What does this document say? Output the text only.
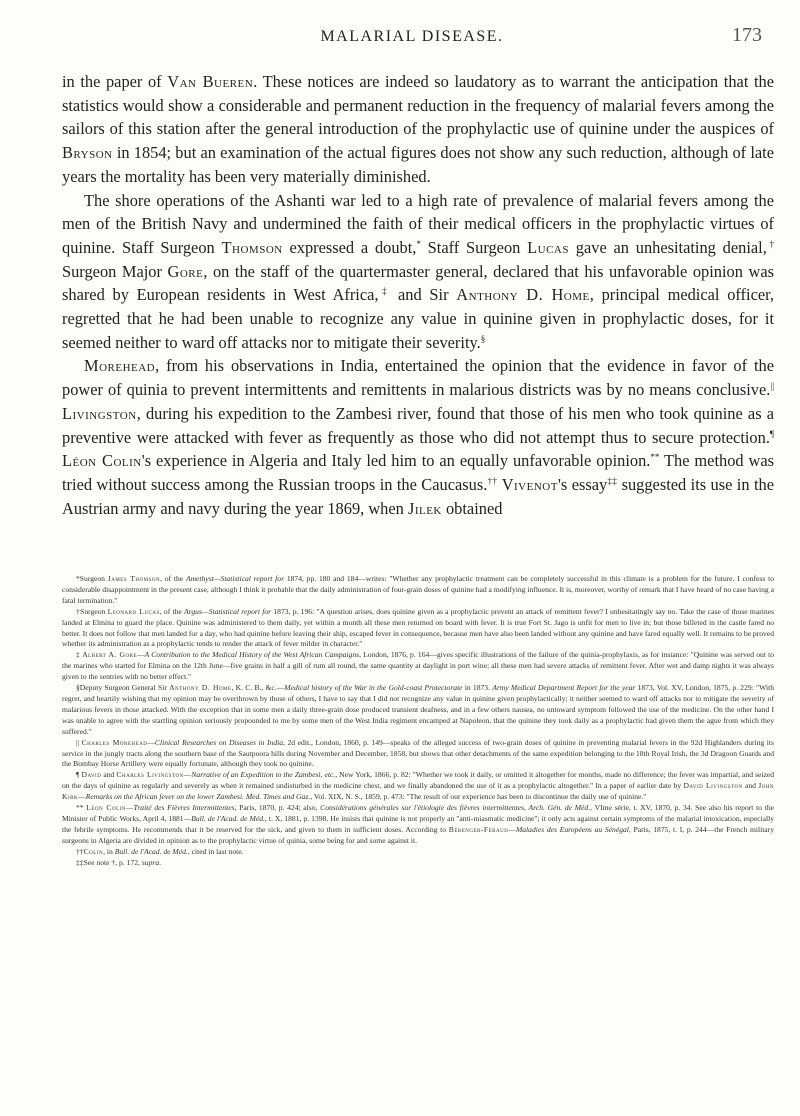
MALARIAL DISEASE.	173

in the paper of Van Bueren. These notices are indeed so laudatory as to warrant the anticipation that the statistics would show a considerable and permanent reduction in the frequency of malarial fevers among the sailors of this station after the general introduction of the prophylactic use of quinine under the auspices of Bryson in 1854; but an examination of the actual figures does not show any such reduction, although of late years the mortality has been very materially diminished.

The shore operations of the Ashanti war led to a high rate of prevalence of malarial fevers among the men of the British Navy and undermined the faith of their medical officers in the prophylactic virtues of quinine. Staff Surgeon Thomson expressed a doubt,* Staff Surgeon Lucas gave an unhesitating denial,† Surgeon Major Gore, on the staff of the quartermaster general, declared that his unfavorable opinion was shared by European residents in West Africa,‡ and Sir Anthony D. Home, principal medical officer, regretted that he had been unable to recognize any value in quinine given in prophylactic doses, for it seemed neither to ward off attacks nor to mitigate their severity.§

Morehead, from his observations in India, entertained the opinion that the evidence in favor of the power of quinia to prevent intermittents and remittents in malarious districts was by no means conclusive.|| Livingston, during his expedition to the Zambesi river, found that those of his men who took quinine as a preventive were attacked with fever as frequently as those who did not attempt thus to secure protection.¶ Léon Colin's experience in Algeria and Italy led him to an equally unfavorable opinion.** The method was tried without success among the Russian troops in the Caucasus.†† Vivenot's essay‡‡ suggested its use in the Austrian army and navy during the year 1869, when Jilek obtained

*Surgeon James Thomson, of the Amethyst—Statistical report for 1874, pp. 180 and 184—writes: "Whether any prophylactic treatment can be completely successful in this climate is a problem for the future. I confess to considerable disappointment in the present case, although I think it probable that the daily administration of four-grain doses of quinine had a modifying influence. It is, moreover, worthy of remark that I have heard of no case having a fatal termination."

†Surgeon Leonard Lucas, of the Argus—Statistical report for 1873, p. 196: "A question arises, does quinine given as a prophylactic prevent an attack of remittent fever? I unhesitatingly say no. Take the case of those marines landed at Elmina to guard the place. Quinine was administered to them daily, yet within a month all these men returned on board with fever. It is true Fort St. Jago is unfit for men to live in; but those billeted in the castle fared no better. It does not follow that men landed for a day, who had quinine before leaving their ship, escaped fever in consequence, because men have also been landed without any quinine and have fared equally well. It remains to be proved whether its administration as a prophylactic tends to render the attack of fever milder in character."

‡ Albert A. Gore—A Contribution to the Medical History of the West African Campaigns, London, 1876, p. 164—gives specific illustrations of the failure of the quinia-prophylaxis, as for instance: "Quinine was served out to the marines who started for Elmina on the 12th June—five grains in half a gill of rum all round, the same quantity at daylight in port wine; all these men had severe attacks of remittent fever. After wet and damp nights it was always given to the sentries with no better effect."

§Deputy Surgeon General Sir Anthony D. Home, K. C. B., &c.—Medical history of the War in the Gold-coast Protectorate in 1873. Army Medical Department Report for the year 1873, Vol. XV, London, 1875, p. 229: "With regret, and heartily wishing that my opinion may be overthrown by those of others, I have to say that I did not recognize any value in quinine given prophylactically; it neither seemed to ward off attacks nor to mitigate the severity of malarious fevers in those attacked. With the exception that in some men a daily three-grain dose produced transient deafness, and in a few others nausea, no untoward symptom followed the use of the medicine. On the other hand I was unable to agree with the startling opinion seriously propounded to me by some men of the West India regiment encamped at Napoleon, that the quinine they took daily as a prophylactic had given them the ague from which they suffered."

|| Charles Morehead—Clinical Researches on Diseases in India, 2d edit., London, 1860, p. 149—speaks of the alleged success of two-grain doses of quinine in preventing malarial fevers in the 92d Highlanders during its service in the jungly tracts along the southern base of the Sautpoora hills during November and December, 1858, but shows that other detachments of the same expedition belonging to the 18th Royal Irish, the 3d Dragoon Guards and the Bombay Horse Artillery were equally fortunate, although they took no quinine.

¶ David and Charles Livingston—Narrative of an Expedition to the Zambesi, etc., New York, 1866, p. 82: "Whether we took it daily, or omitted it altogether for months, made no difference; the fever was impartial, and seized on the days of quinine as regularly and severely as when it remained undisturbed in the medicine chest, and we finally abandoned the use of it as a prophylactic altogether." In a paper of earlier date by David Livingston and John Kirk—Remarks on the African fever on the lower Zambesi. Med. Times and Gaz., Vol. XIX, N. S., 1859, p. 473: "The result of our experience has been to discontinue the daily use of quinine."

** Léon Colin—Traité des Fièvres Intermittentes, Paris, 1870, p. 424; also, Considérations générales sur l'étiologie des fièvres intermittentes, Arch. Gén. de Méd., VIme série, t. XV, 1870, p. 34. See also his report to the Minister of Public Works, April 4, 1881—Bull. de l'Acad. de Méd., t. X, 1881, p. 1398. He insists that quinine is not properly an "anti-miasmatic medicine"; it only acts against certain symptoms of the malarial intoxication, especially the febrile symptoms. He recommends that it be reserved for the sick, and given to them in sufficient doses. According to Bérenger-Féraud—Maladies des Européens au Sénégal, Paris, 1875, t. I, p. 244—the French military surgeons in Algeria are divided in opinion as to the prophylactic virtue of quinia, some being for and some against it.

††Colin, in Bull. de l'Acad. de Méd., cited in last note.

‡‡See note †, p. 172, supra.
